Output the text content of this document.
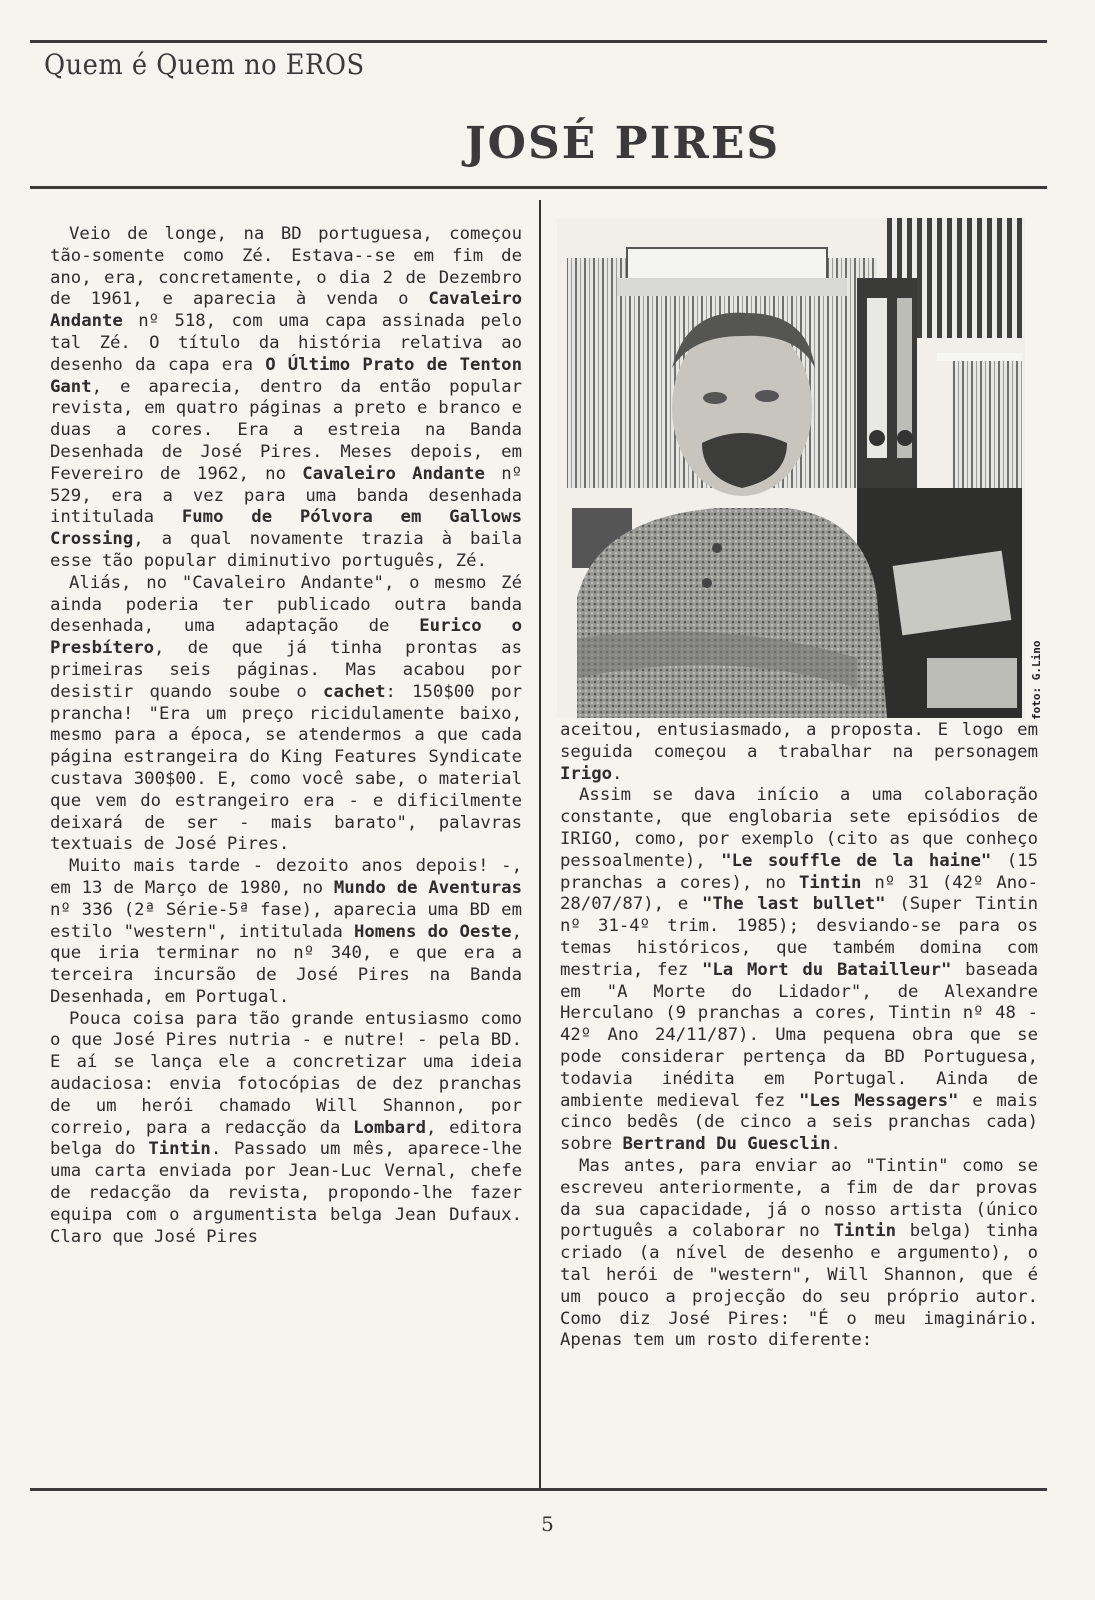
Quem é Quem no EROS
JOSÉ PIRES

Veio de longe, na BD portuguesa, começou tão-somente como Zé. Estava--se em fim de ano, era, concretamente, o dia 2 de Dezembro de 1961, e aparecia à venda o Cavaleiro Andante nº 518, com uma capa assinada pelo tal Zé. O título da história relativa ao desenho da capa era O Último Prato de Tenton Gant, e aparecia, dentro da então popular revista, em quatro páginas a preto e branco e duas a cores. Era a estreia na Banda Desenhada de José Pires. Meses depois, em Fevereiro de 1962, no Cavaleiro Andante nº 529, era a vez para uma banda desenhada intitulada Fumo de Pólvora em Gallows Crossing, a qual novamente trazia à baila esse tão popular diminutivo português, Zé.

Aliás, no "Cavaleiro Andante", o mesmo Zé ainda poderia ter publicado outra banda desenhada, uma adaptação de Eurico o Presbítero, de que já tinha prontas as primeiras seis páginas. Mas acabou por desistir quando soube o cachet: 150$00 por prancha! "Era um preço ricidulamente baixo, mesmo para a época, se atendermos a que cada página estrangeira do King Features Syndicate custava 300$00. E, como você sabe, o material que vem do estrangeiro era - e dificilmente deixará de ser - mais barato", palavras textuais de José Pires.

Muito mais tarde - dezoito anos depois! -, em 13 de Março de 1980, no Mundo de Aventuras nº 336 (2ª Série-5ª fase), aparecia uma BD em estilo "western", intitulada Homens do Oeste, que iria terminar no nº 340, e que era a terceira incursão de José Pires na Banda Desenhada, em Portugal.

Pouca coisa para tão grande entusiasmo como o que José Pires nutria - e nutre! - pela BD. E aí se lança ele a concretizar uma ideia audaciosa: envia fotocópias de dez pranchas de um herói chamado Will Shannon, por correio, para a redacção da Lombard, editora belga do Tintin. Passado um mês, aparece-lhe uma carta enviada por Jean-Luc Vernal, chefe de redacção da revista, propondo-lhe fazer equipa com o argumentista belga Jean Dufaux. Claro que José Pires

foto: G.Lino

aceitou, entusiasmado, a proposta. E logo em seguida começou a trabalhar na personagem Irigo.

Assim se dava início a uma colaboração constante, que englobaria sete episódios de IRIGO, como, por exemplo (cito as que conheço pessoalmente), "Le souffle de la haine" (15 pranchas a cores), no Tintin nº 31 (42º Ano-28/07/87), e "The last bullet" (Super Tintin nº 31-4º trim. 1985); desviando-se para os temas históricos, que também domina com mestria, fez "La Mort du Batailleur" baseada em "A Morte do Lidador", de Alexandre Herculano (9 pranchas a cores, Tintin nº 48 - 42º Ano 24/11/87). Uma pequena obra que se pode considerar pertença da BD Portuguesa, todavia inédita em Portugal. Ainda de ambiente medieval fez "Les Messagers" e mais cinco bedês (de cinco a seis pranchas cada) sobre Bertrand Du Guesclin.

Mas antes, para enviar ao "Tintin" como se escreveu anteriormente, a fim de dar provas da sua capacidade, já o nosso artista (único português a colaborar no Tintin belga) tinha criado (a nível de desenho e argumento), o tal herói de "western", Will Shannon, que é um pouco a projecção do seu próprio autor. Como diz José Pires: "É o meu imaginário. Apenas tem um rosto diferente:

5
